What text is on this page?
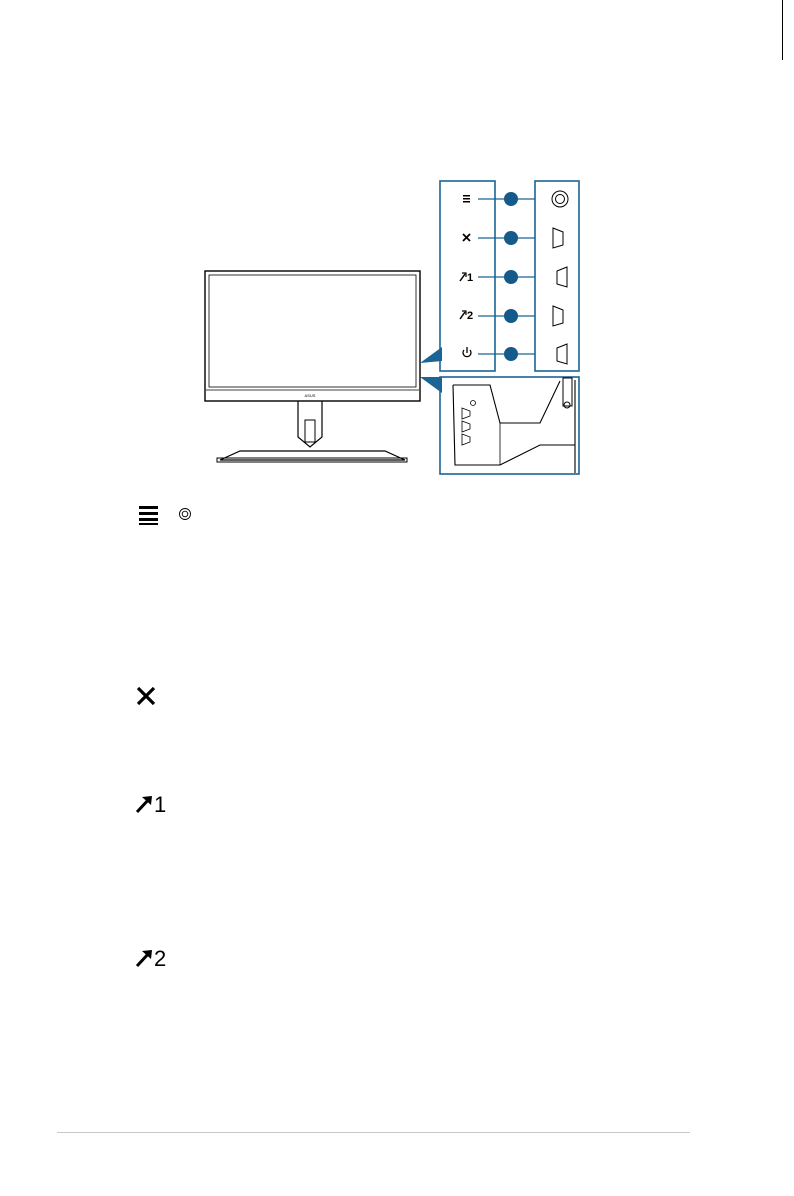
ASUS
1
2
1
2
